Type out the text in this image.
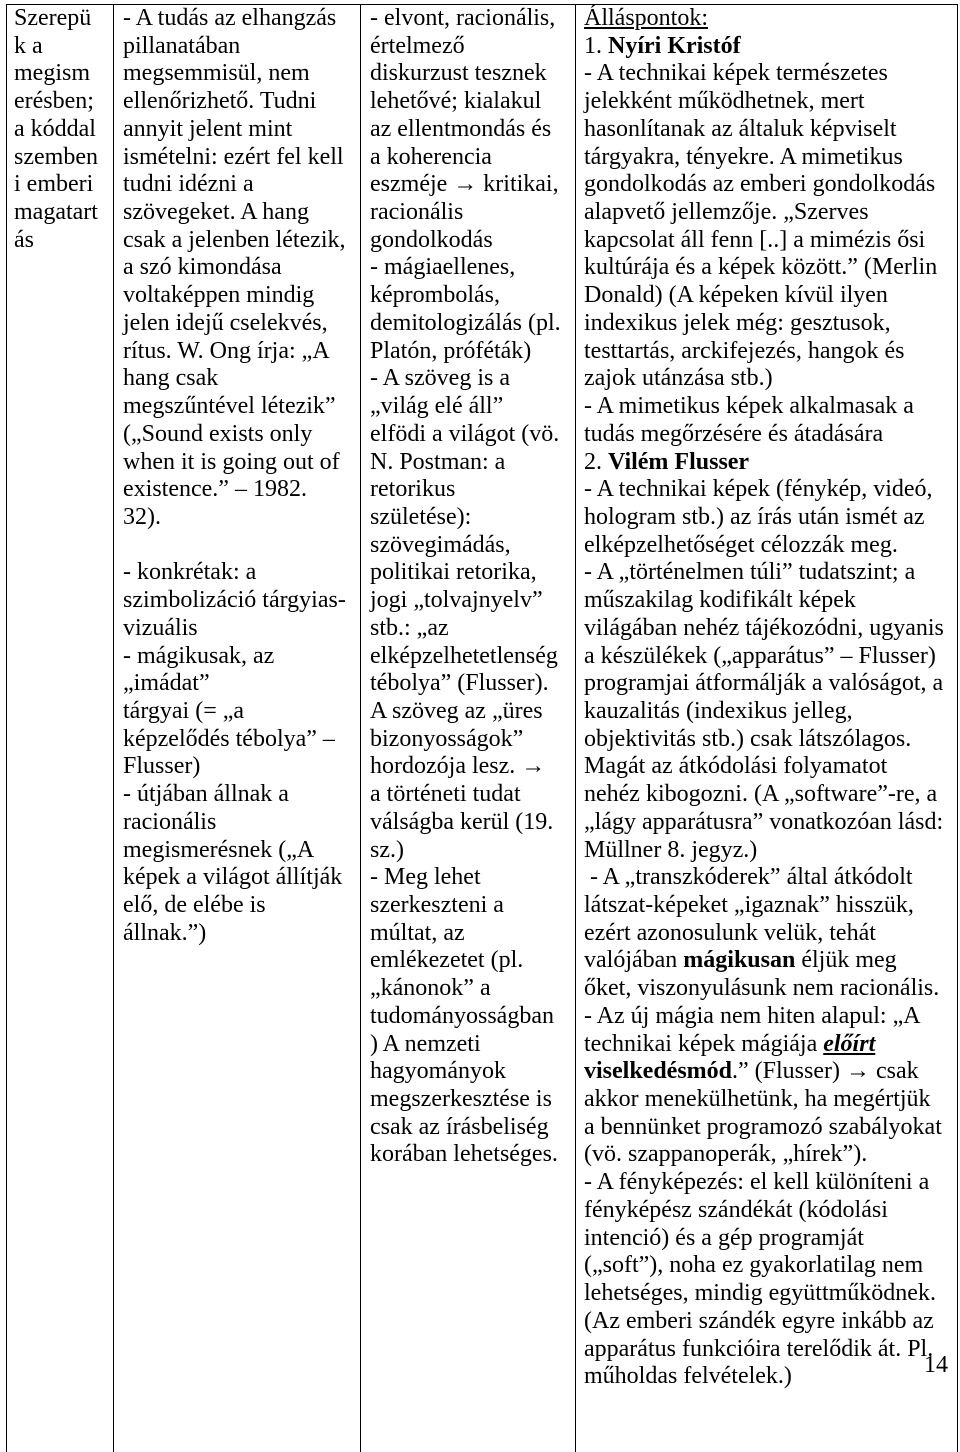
Szerepü
k a
megism
erésben;
a kóddal
szemben
i emberi
magatart
ás
- A tudás az elhangzás
pillanatában
megsemmisül, nem
ellenőrizhető. Tudni
annyit jelent mint
ismételni: ezért fel kell
tudni idézni a
szövegeket. A hang
csak a jelenben létezik,
a szó kimondása
voltaképpen mindig
jelen idejű cselekvés,
rítus. W. Ong írja: „A
hang csak
megszűntével létezik”
(„Sound exists only
when it is going out of
existence.” – 1982.
32).
- konkrétak: a
szimbolizáció tárgyias-
vizuális
- mágikusak, az
„imádat”
tárgyai (= „a
képzelődés tébolya” –
Flusser)
- útjában állnak a
racionális
megismerésnek („A
képek a világot állítják
elő, de elébe is
állnak.”)
- elvont, racionális,
értelmező
diskurzust tesznek
lehetővé; kialakul
az ellentmondás és
a koherencia
eszméje → kritikai,
racionális
gondolkodás
- mágiaellenes,
képrombolás,
demitologizálás (pl.
Platón, próféták)
- A szöveg is a
„világ elé áll”
elfödi a világot (vö.
N. Postman: a
retorikus
születése):
szövegimádás,
politikai retorika,
jogi „tolvajnyelv”
stb.: „az
elképzelhetetlenség
tébolya” (Flusser).
A szöveg az „üres
bizonyosságok”
hordozója lesz. →
a történeti tudat
válságba kerül (19.
sz.)
- Meg lehet
szerkeszteni a
múltat, az
emlékezetet (pl.
„kánonok” a
tudományosságban
) A nemzeti
hagyományok
megszerkesztése is
csak az írásbeliség
korában lehetséges.
Álláspontok:
1. Nyíri Kristóf
- A technikai képek természetes
jelekként működhetnek, mert
hasonlítanak az általuk képviselt
tárgyakra, tényekre. A mimetikus
gondolkodás az emberi gondolkodás
alapvető jellemzője. „Szerves
kapcsolat áll fenn [..] a mimézis ősi
kultúrája és a képek között.” (Merlin
Donald) (A képeken kívül ilyen
indexikus jelek még: gesztusok,
testtartás, arckifejezés, hangok és
zajok utánzása stb.)
- A mimetikus képek alkalmasak a
tudás megőrzésére és átadására
2. Vilém Flusser
- A technikai képek (fénykép, videó,
hologram stb.) az írás után ismét az
elképzelhetőséget célozzák meg.
- A „történelmen túli” tudatszint; a
műszakilag kodifikált képek
világában nehéz tájékozódni, ugyanis
a készülékek („apparátus” – Flusser)
programjai átformálják a valóságot, a
kauzalitás (indexikus jelleg,
objektivitás stb.) csak látszólagos.
Magát az átkódolási folyamatot
nehéz kibogozni. (A „software”-re, a
„lágy apparátusra” vonatkozóan lásd:
Müllner 8. jegyz.)
- A „transzkóderek” által átkódolt
látszat-képeket „igaznak” hisszük,
ezért azonosulunk velük, tehát
valójában mágikusan éljük meg
őket, viszonyulásunk nem racionális.
- Az új mágia nem hiten alapul: „A
technikai képek mágiája előírt
viselkedésmód.” (Flusser) → csak
akkor menekülhetünk, ha megértjük
a bennünket programozó szabályokat
(vö. szappanoperák, „hírek”).
- A fényképezés: el kell különíteni a
fényképész szándékát (kódolási
intenció) és a gép programját
(„soft”), noha ez gyakorlatilag nem
lehetséges, mindig együttműködnek.
(Az emberi szándék egyre inkább az
apparátus funkcióira terelődik át. Pl.
műholdas felvételek.)	14
